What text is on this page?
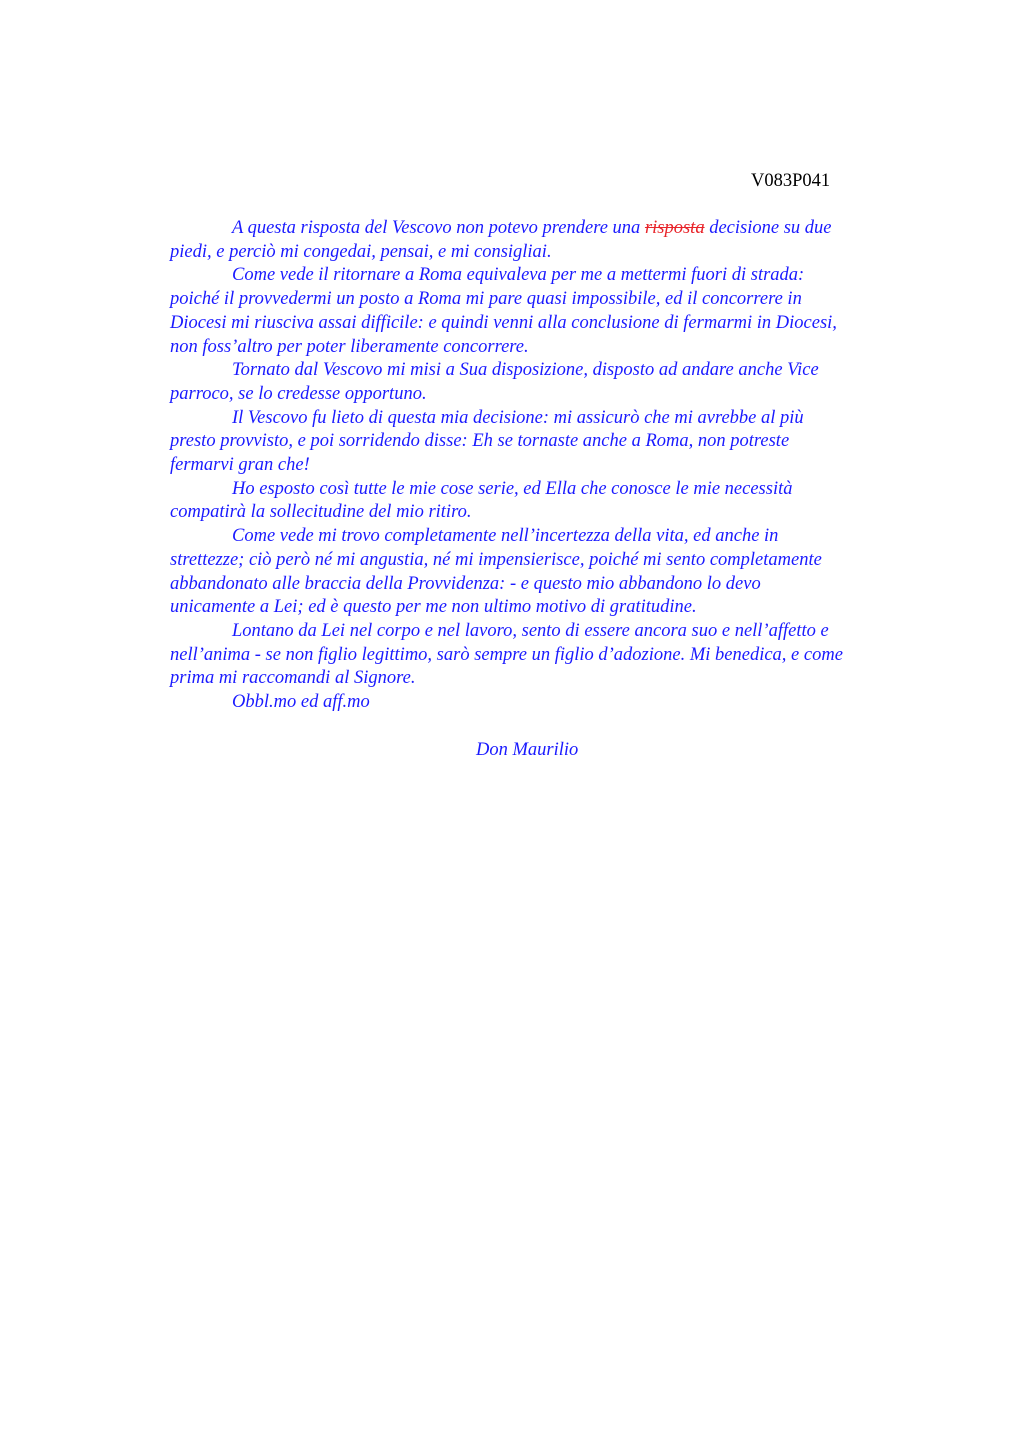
V083P041

A questa risposta del Vescovo non potevo prendere una risposta decisione su due
piedi, e perciò mi congedai, pensai, e mi consigliai.

Come vede il ritornare a Roma equivaleva per me a mettermi fuori di strada:
poiché il provvedermi un posto a Roma mi pare quasi impossibile, ed il concorrere in
Diocesi mi riusciva assai difficile: e quindi venni alla conclusione di fermarmi in Diocesi,
non foss’altro per poter liberamente concorrere.

Tornato dal Vescovo mi misi a Sua disposizione, disposto ad andare anche Vice
parroco, se lo credesse opportuno.

Il Vescovo fu lieto di questa mia decisione: mi assicurò che mi avrebbe al più
presto provvisto, e poi sorridendo disse: Eh se tornaste anche a Roma, non potreste
fermarvi gran che!

Ho esposto così tutte le mie cose serie, ed Ella che conosce le mie necessità
compatirà la sollecitudine del mio ritiro.

Come vede mi trovo completamente nell’incertezza della vita, ed anche in
strettezze; ciò però né mi angustia, né mi impensierisce, poiché mi sento completamente
abbandonato alle braccia della Provvidenza: - e questo mio abbandono lo devo
unicamente a Lei; ed è questo per me non ultimo motivo di gratitudine.

Lontano da Lei nel corpo e nel lavoro, sento di essere ancora suo e nell’affetto e
nell’anima - se non figlio legittimo, sarò sempre un figlio d’adozione. Mi benedica, e come
prima mi raccomandi al Signore.

Obbl.mo ed aff.mo

Don Maurilio
